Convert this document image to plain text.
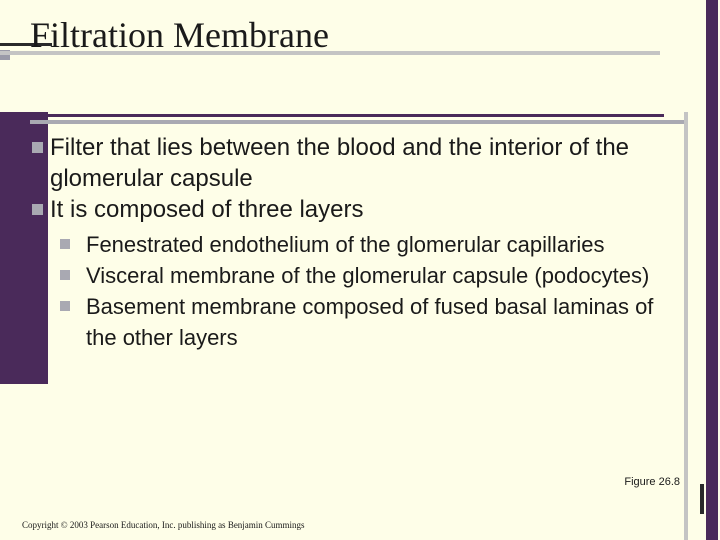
Filtration Membrane
Filter that lies between the blood and the interior of the glomerular capsule
It is composed of three layers
Fenestrated endothelium of the glomerular capillaries
Visceral membrane of the glomerular capsule (podocytes)
Basement membrane composed of fused basal laminas of the other layers
Figure 26.8
Copyright © 2003 Pearson Education, Inc. publishing as Benjamin Cummings
